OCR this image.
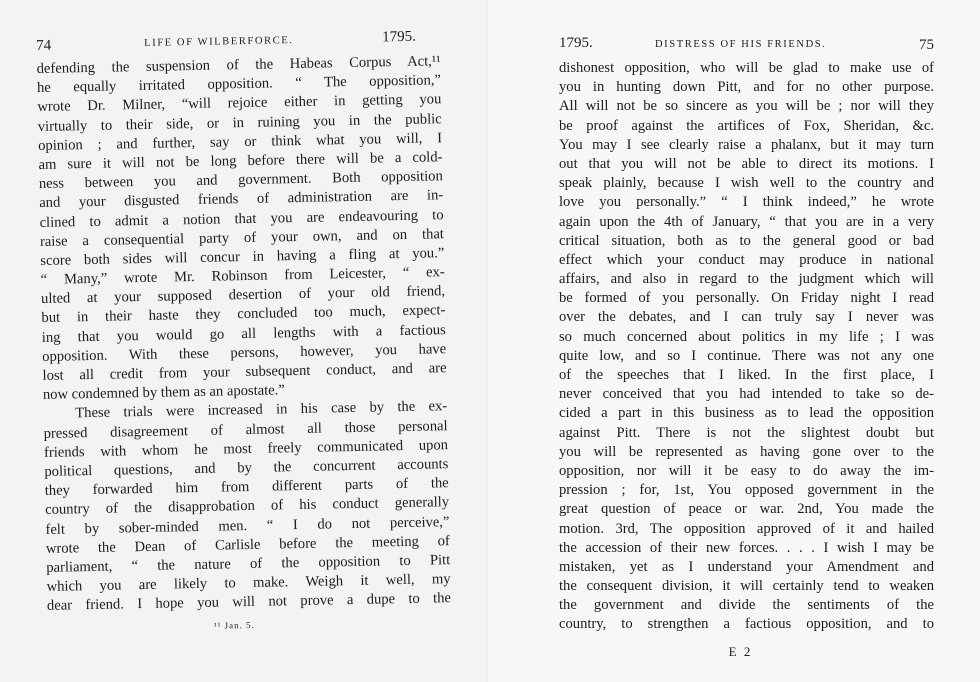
74	LIFE OF WILBERFORCE.	1795.
defending the suspension of the Habeas Corpus Act,¹¹
he equally irritated opposition. “ The opposition,”
wrote Dr. Milner, “will rejoice either in getting you
virtually to their side, or in ruining you in the public
opinion ; and further, say or think what you will, I
am sure it will not be long before there will be a cold-
ness between you and government. Both opposition
and your disgusted friends of administration are in-
clined to admit a notion that you are endeavouring to
raise a consequential party of your own, and on that
score both sides will concur in having a fling at you.”
“ Many,” wrote Mr. Robinson from Leicester, “ ex-
ulted at your supposed desertion of your old friend,
but in their haste they concluded too much, expect-
ing that you would go all lengths with a factious
opposition. With these persons, however, you have
lost all credit from your subsequent conduct, and are
now condemned by them as an apostate.”
These trials were increased in his case by the ex-
pressed disagreement of almost all those personal
friends with whom he most freely communicated upon
political questions, and by the concurrent accounts
they forwarded him from different parts of the
country of the disapprobation of his conduct generally
felt by sober-minded men. “ I do not perceive,”
wrote the Dean of Carlisle before the meeting of
parliament, “ the nature of the opposition to Pitt
which you are likely to make. Weigh it well, my
dear friend. I hope you will not prove a dupe to the
¹¹ Jan. 5.
1795.	DISTRESS OF HIS FRIENDS.	75
dishonest opposition, who will be glad to make use of
you in hunting down Pitt, and for no other purpose.
All will not be so sincere as you will be ; nor will they
be proof against the artifices of Fox, Sheridan, &c.
You may I see clearly raise a phalanx, but it may turn
out that you will not be able to direct its motions. I
speak plainly, because I wish well to the country and
love you personally.” “ I think indeed,” he wrote
again upon the 4th of January, “ that you are in a very
critical situation, both as to the general good or bad
effect which your conduct may produce in national
affairs, and also in regard to the judgment which will
be formed of you personally. On Friday night I read
over the debates, and I can truly say I never was
so much concerned about politics in my life ; I was
quite low, and so I continue. There was not any one
of the speeches that I liked. In the first place, I
never conceived that you had intended to take so de-
cided a part in this business as to lead the opposition
against Pitt. There is not the slightest doubt but
you will be represented as having gone over to the
opposition, nor will it be easy to do away the im-
pression ; for, 1st, You opposed government in the
great question of peace or war. 2nd, You made the
motion. 3rd, The opposition approved of it and hailed
the accession of their new forces. . . . I wish I may be
mistaken, yet as I understand your Amendment and
the consequent division, it will certainly tend to weaken
the government and divide the sentiments of the
country, to strengthen a factious opposition, and to
E 2
